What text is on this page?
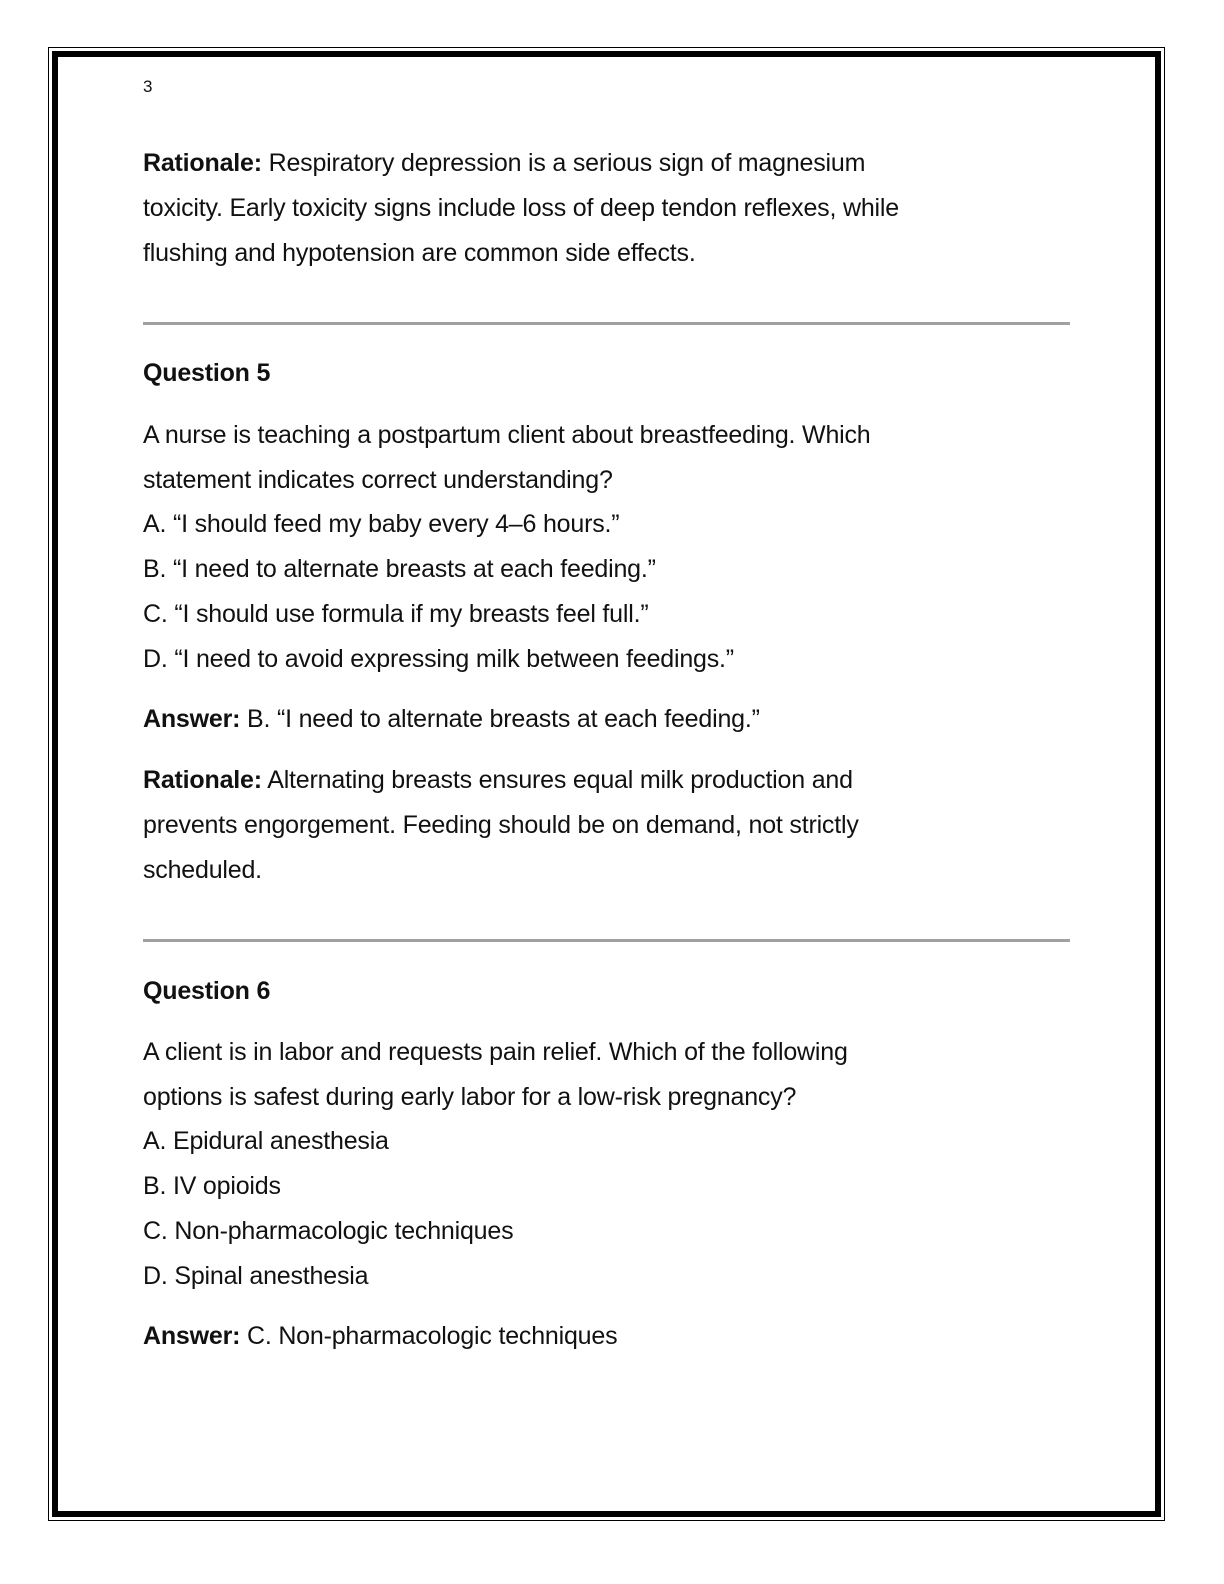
3
Rationale: Respiratory depression is a serious sign of magnesium
toxicity. Early toxicity signs include loss of deep tendon reflexes, while
flushing and hypotension are common side effects.
Question 5
A nurse is teaching a postpartum client about breastfeeding. Which
statement indicates correct understanding?
A. “I should feed my baby every 4–6 hours.”
B. “I need to alternate breasts at each feeding.”
C. “I should use formula if my breasts feel full.”
D. “I need to avoid expressing milk between feedings.”
Answer: B. “I need to alternate breasts at each feeding.”
Rationale: Alternating breasts ensures equal milk production and
prevents engorgement. Feeding should be on demand, not strictly
scheduled.
Question 6
A client is in labor and requests pain relief. Which of the following
options is safest during early labor for a low-risk pregnancy?
A. Epidural anesthesia
B. IV opioids
C. Non-pharmacologic techniques
D. Spinal anesthesia
Answer: C. Non-pharmacologic techniques
